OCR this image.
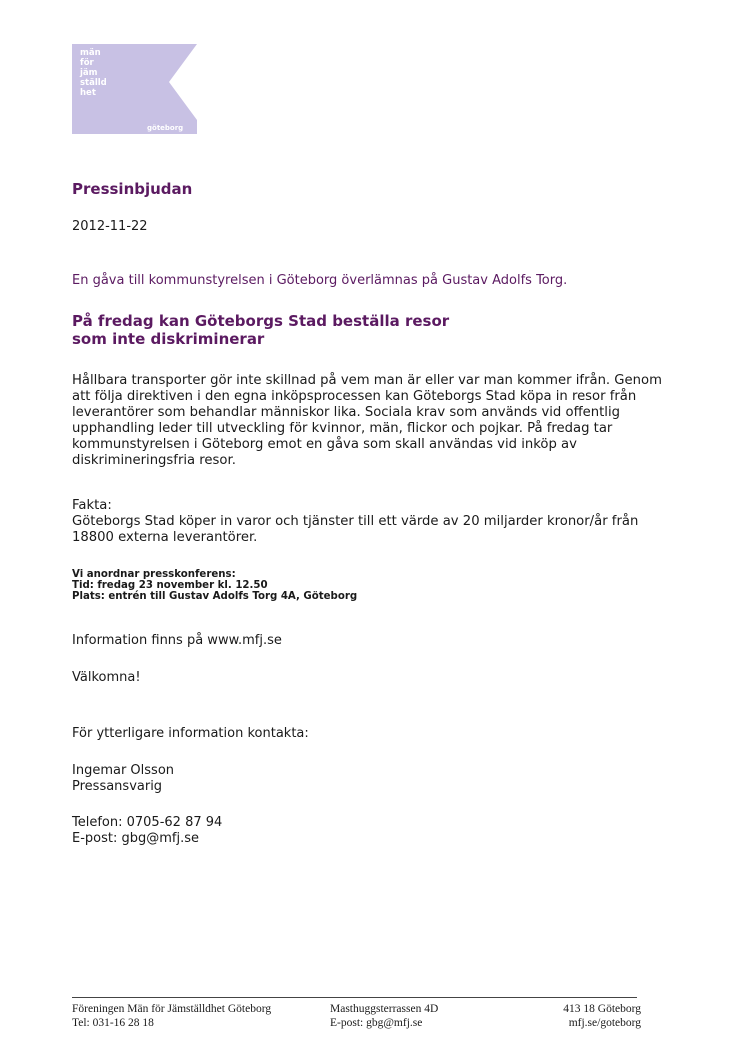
män
för
jäm
ställd
het
göteborg
Pressinbjudan
2012-11-22
En gåva till kommunstyrelsen i Göteborg överlämnas på Gustav Adolfs Torg.
På fredag kan Göteborgs Stad beställa resor
som inte diskriminerar
Hållbara transporter gör inte skillnad på vem man är eller var man kommer ifrån. Genom
att följa direktiven i den egna inköpsprocessen kan Göteborgs Stad köpa in resor från
leverantörer som behandlar människor lika. Sociala krav som används vid offentlig
upphandling leder till utveckling för kvinnor, män, flickor och pojkar. På fredag tar
kommunstyrelsen i Göteborg emot en gåva som skall användas vid inköp av
diskrimineringsfria resor.
Fakta:
Göteborgs Stad köper in varor och tjänster till ett värde av 20 miljarder kronor/år från
18800 externa leverantörer.
Vi anordnar presskonferens:
Tid: fredag 23 november kl. 12.50
Plats: entrén till Gustav Adolfs Torg 4A, Göteborg
Information finns på www.mfj.se
Välkomna!
För ytterligare information kontakta:
Ingemar Olsson
Pressansvarig
Telefon: 0705-62 87 94
E-post: gbg@mfj.se
Föreningen Män för Jämställdhet Göteborg
Tel: 031-16 28 18
Masthuggsterrassen 4D
E-post: gbg@mfj.se
413 18 Göteborg
mfj.se/goteborg
